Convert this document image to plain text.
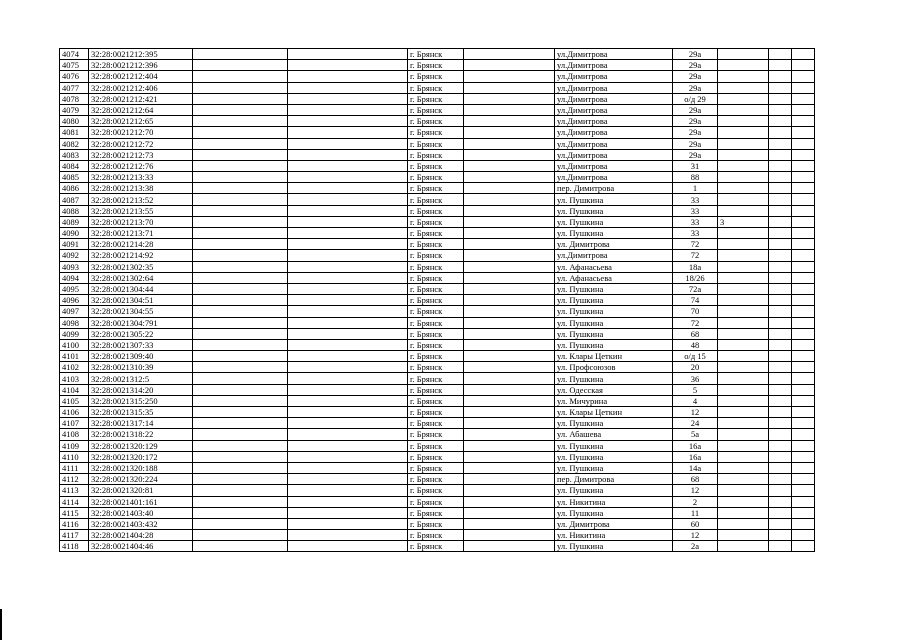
4074	32:28:0021212:395			г. Брянск		ул.Димитрова	29а			
4075	32:28:0021212:396			г. Брянск		ул.Димитрова	29а			
4076	32:28:0021212:404			г. Брянск		ул.Димитрова	29а			
4077	32:28:0021212:406			г. Брянск		ул.Димитрова	29а			
4078	32:28:0021212:421			г. Брянск		ул.Димитрова	о/д 29			
4079	32:28:0021212:64			г. Брянск		ул.Димитрова	29а			
4080	32:28:0021212:65			г. Брянск		ул.Димитрова	29а			
4081	32:28:0021212:70			г. Брянск		ул.Димитрова	29а			
4082	32:28:0021212:72			г. Брянск		ул.Димитрова	29а			
4083	32:28:0021212:73			г. Брянск		ул.Димитрова	29а			
4084	32:28:0021212:76			г. Брянск		ул.Димитрова	31			
4085	32:28:0021213:33			г. Брянск		ул.Димитрова	88			
4086	32:28:0021213:38			г. Брянск		пер. Димитрова	1			
4087	32:28:0021213:52			г. Брянск		ул. Пушкина	33			
4088	32:28:0021213:55			г. Брянск		ул. Пушкина	33			
4089	32:28:0021213:70			г. Брянск		ул. Пушкина	33	3		
4090	32:28:0021213:71			г. Брянск		ул. Пушкина	33			
4091	32:28:0021214:28			г. Брянск		ул. Димитрова	72			
4092	32:28:0021214:92			г. Брянск		ул.Димитрова	72			
4093	32:28:0021302:35			г. Брянск		ул. Афанасьева	18а			
4094	32:28:0021302:64			г. Брянск		ул. Афанасьева	18/26			
4095	32:28:0021304:44			г. Брянск		ул. Пушкина	72а			
4096	32:28:0021304:51			г. Брянск		ул. Пушкина	74			
4097	32:28:0021304:55			г. Брянск		ул. Пушкина	70			
4098	32:28:0021304:791			г. Брянск		ул. Пушкина	72			
4099	32:28:0021305:22			г. Брянск		ул. Пушкина	68			
4100	32:28:0021307:33			г. Брянск		ул. Пушкина	48			
4101	32:28:0021309:40			г. Брянск		ул. Клары Цеткин	о/д 15			
4102	32:28:0021310:39			г. Брянск		ул. Профсоюзов	20			
4103	32:28:0021312:5			г. Брянск		ул. Пушкина	36			
4104	32:28:0021314:20			г. Брянск		ул. Одесская	5			
4105	32:28:0021315:250			г. Брянск		ул. Мичурина	4			
4106	32:28:0021315:35			г. Брянск		ул. Клары Цеткин	12			
4107	32:28:0021317:14			г. Брянск		ул. Пушкина	24			
4108	32:28:0021318:22			г. Брянск		ул. Абашева	5а			
4109	32:28:0021320:129			г. Брянск		ул. Пушкина	16а			
4110	32:28:0021320:172			г. Брянск		ул. Пушкина	16а			
4111	32:28:0021320:188			г. Брянск		ул. Пушкина	14а			
4112	32:28:0021320:224			г. Брянск		пер. Димитрова	68			
4113	32:28:0021320:81			г. Брянск		ул. Пушкина	12			
4114	32:28:0021401:161			г. Брянск		ул. Никитина	2			
4115	32:28:0021403:40			г. Брянск		ул. Пушкина	11			
4116	32:28:0021403:432			г. Брянск		ул. Димитрова	60			
4117	32:28:0021404:28			г. Брянск		ул. Никитина	12			
4118	32:28:0021404:46			г. Брянск		ул. Пушкина	2а			
